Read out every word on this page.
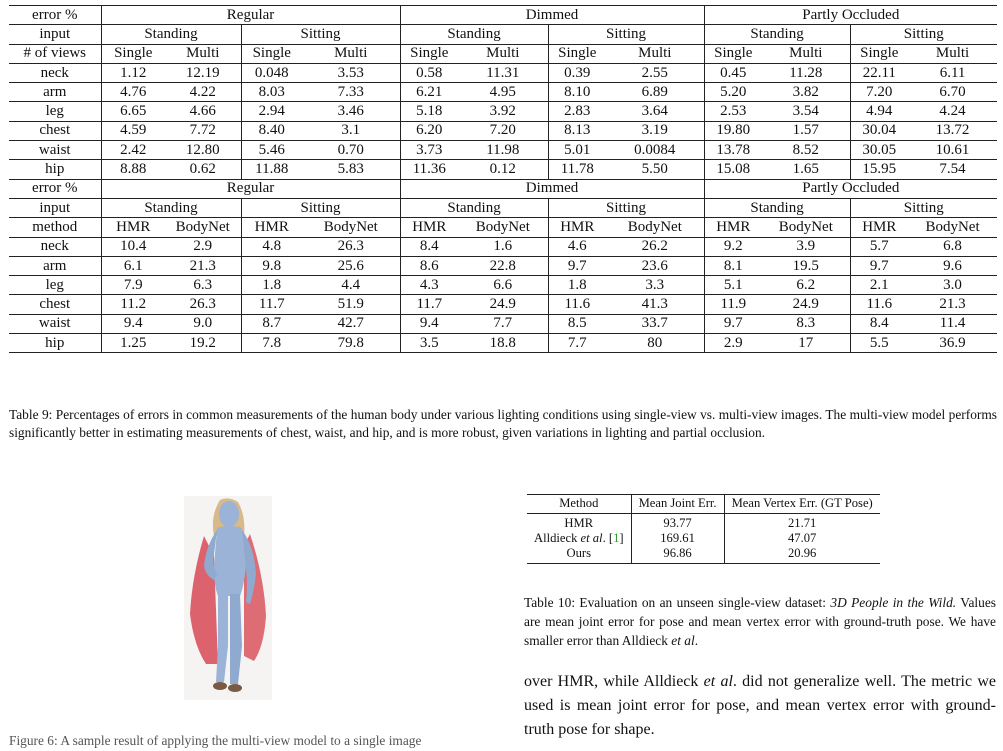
error %	Regular				Dimmed				Partly Occluded			
input	Standing		Sitting		Standing		Sitting		Standing		Sitting	
# of views	Single	Multi	Single	Multi	Single	Multi	Single	Multi	Single	Multi	Single	Multi
neck	1.12	12.19	0.048	3.53	0.58	11.31	0.39	2.55	0.45	11.28	22.11	6.11
arm	4.76	4.22	8.03	7.33	6.21	4.95	8.10	6.89	5.20	3.82	7.20	6.70
leg	6.65	4.66	2.94	3.46	5.18	3.92	2.83	3.64	2.53	3.54	4.94	4.24
chest	4.59	7.72	8.40	3.1	6.20	7.20	8.13	3.19	19.80	1.57	30.04	13.72
waist	2.42	12.80	5.46	0.70	3.73	11.98	5.01	0.0084	13.78	8.52	30.05	10.61
hip	8.88	0.62	11.88	5.83	11.36	0.12	11.78	5.50	15.08	1.65	15.95	7.54
error %	Regular				Dimmed				Partly Occluded			
input	Standing		Sitting		Standing		Sitting		Standing		Sitting	
method	HMR	BodyNet	HMR	BodyNet	HMR	BodyNet	HMR	BodyNet	HMR	BodyNet	HMR	BodyNet
neck	10.4	2.9	4.8	26.3	8.4	1.6	4.6	26.2	9.2	3.9	5.7	6.8
arm	6.1	21.3	9.8	25.6	8.6	22.8	9.7	23.6	8.1	19.5	9.7	9.6
leg	7.9	6.3	1.8	4.4	4.3	6.6	1.8	3.3	5.1	6.2	2.1	3.0
chest	11.2	26.3	11.7	51.9	11.7	24.9	11.6	41.3	11.9	24.9	11.6	21.3
waist	9.4	9.0	8.7	42.7	9.4	7.7	8.5	33.7	9.7	8.3	8.4	11.4
hip	1.25	19.2	7.8	79.8	3.5	18.8	7.7	80	2.9	17	5.5	36.9
Table 9: Percentages of errors in common measurements of the human body under various lighting conditions using single-view vs. multi-view images. The multi-view model performs significantly better in estimating measurements of chest, waist, and hip, and is more robust, given variations in lighting and partial occlusion.
Figure 6: A sample result of applying the multi-view model to a single image
Method	Mean Joint Err.	Mean Vertex Err. (GT Pose)
HMR	93.77	21.71
Alldieck et al. [1]	169.61	47.07
Ours	96.86	20.96
Table 10: Evaluation on an unseen single-view dataset: 3D People in the Wild. Values are mean joint error for pose and mean vertex error with ground-truth pose. We have smaller error than Alldieck et al.
over HMR, while Alldieck et al. did not generalize well. The metric we used is mean joint error for pose, and mean vertex error with ground-truth pose for shape.
